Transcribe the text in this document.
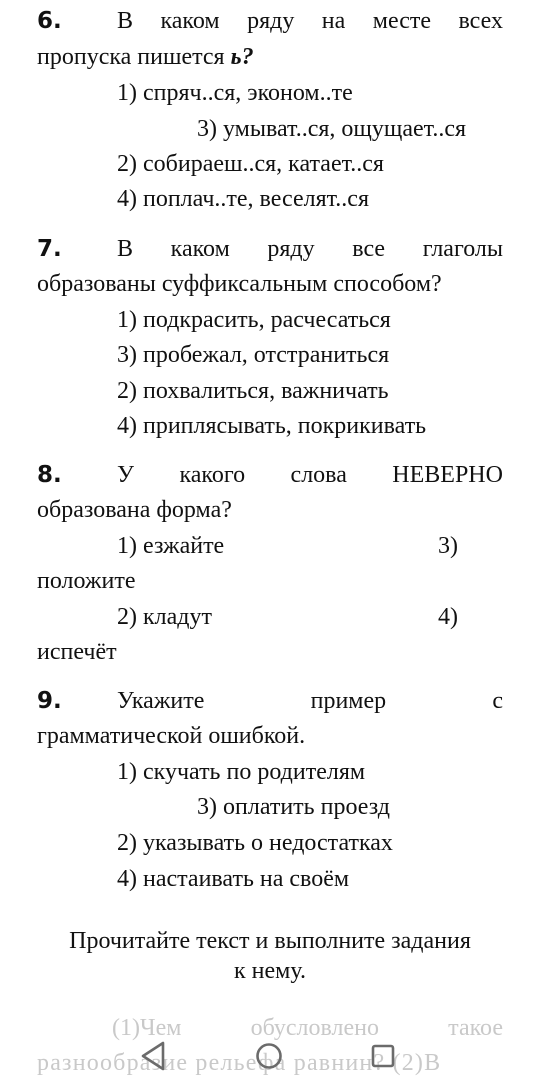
6. В каком ряду на месте всех
пропуска пишется ь?
1) спряч..ся, эконом..те
3) умыват..ся, ощущает..ся
2) собираеш..ся, катает..ся
4) поплач..те, веселят..ся
7. В каком ряду все глаголы
образованы суффиксальным способом?
1) подкрасить, расчесаться
3) пробежал, отстраниться
2) похвалиться, важничать
4) приплясывать, покрикивать
8. У какого слова НЕВЕРНО
образована форма?
1) езжайте	3)
положите
2) кладут	4)
испечёт
9. Укажите	пример	с
грамматической ошибкой.
1) скучать по родителям
3) оплатить проезд
2) указывать о недостатках
4) настаивать на своём
Прочитайте текст и выполните задания
к нему.
(1)Чем	обусловлено	такое
разнообразие рельефа равнин? (2)В
